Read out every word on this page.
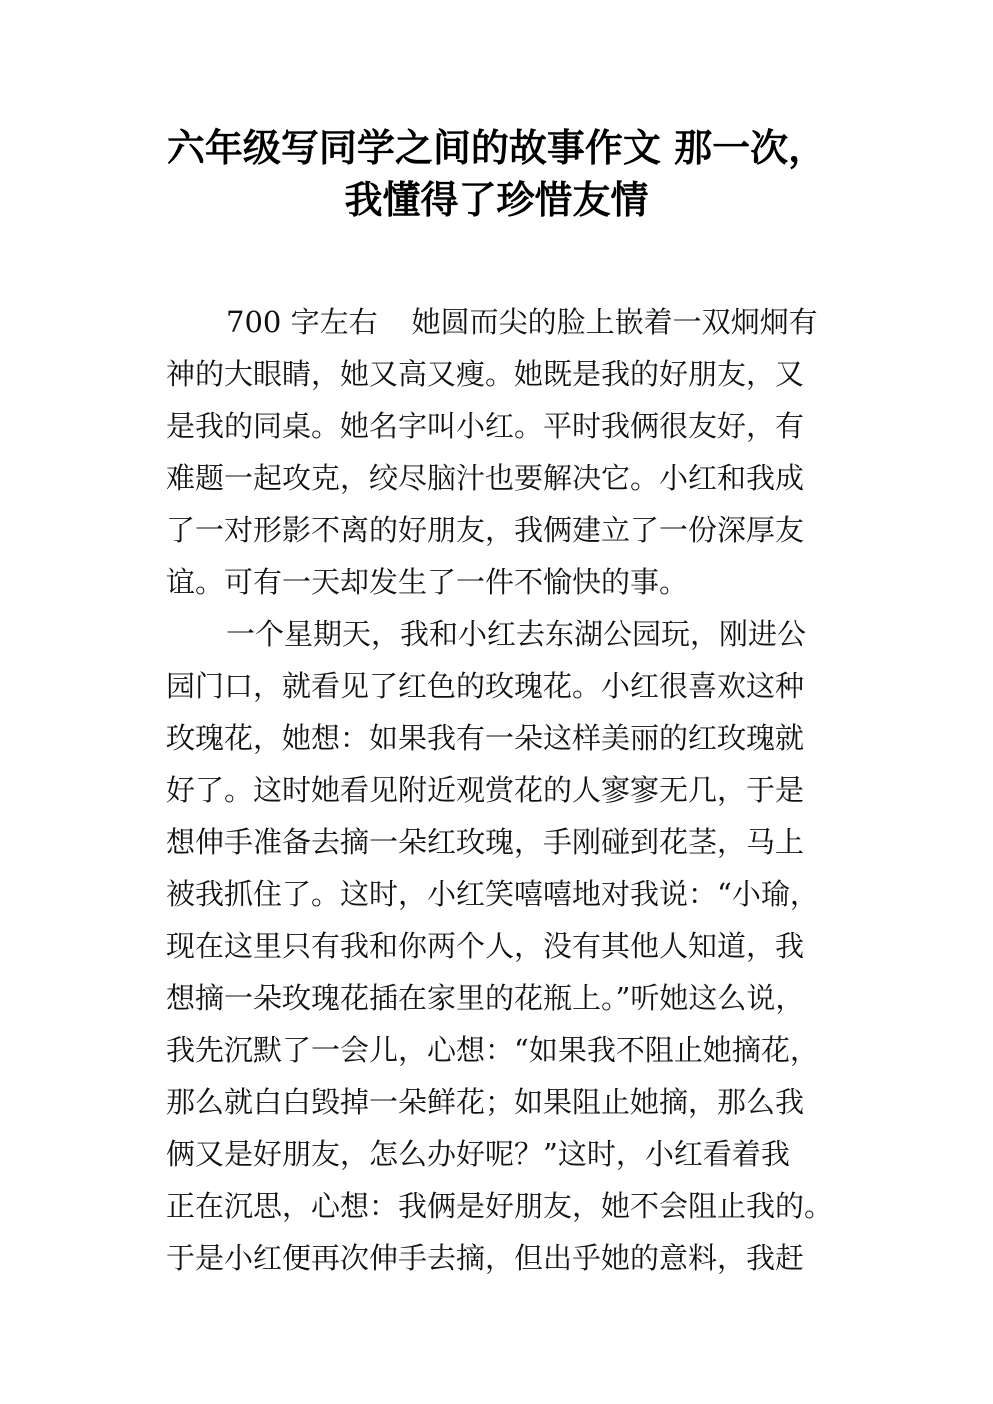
六年级写同学之间的故事作文 那一次，
我懂得了珍惜友情
700 字左右 她圆而尖的脸上嵌着一双炯炯有
神的大眼睛，她又高又瘦。她既是我的好朋友，又
是我的同桌。她名字叫小红。平时我俩很友好，有
难题一起攻克，绞尽脑汁也要解决它。小红和我成
了一对形影不离的好朋友，我俩建立了一份深厚友
谊。可有一天却发生了一件不愉快的事。
一个星期天，我和小红去东湖公园玩，刚进公
园门口，就看见了红色的玫瑰花。小红很喜欢这种
玫瑰花，她想：如果我有一朵这样美丽的红玫瑰就
好了。这时她看见附近观赏花的人寥寥无几，于是
想伸手准备去摘一朵红玫瑰，手刚碰到花茎，马上
被我抓住了。这时，小红笑嘻嘻地对我说：“小瑜，
现在这里只有我和你两个人，没有其他人知道，我
想摘一朵玫瑰花插在家里的花瓶上。”听她这么说，
我先沉默了一会儿，心想：“如果我不阻止她摘花，
那么就白白毁掉一朵鲜花；如果阻止她摘，那么我
俩又是好朋友，怎么办好呢？”这时，小红看着我
正在沉思，心想：我俩是好朋友，她不会阻止我的。
于是小红便再次伸手去摘，但出乎她的意料，我赶
